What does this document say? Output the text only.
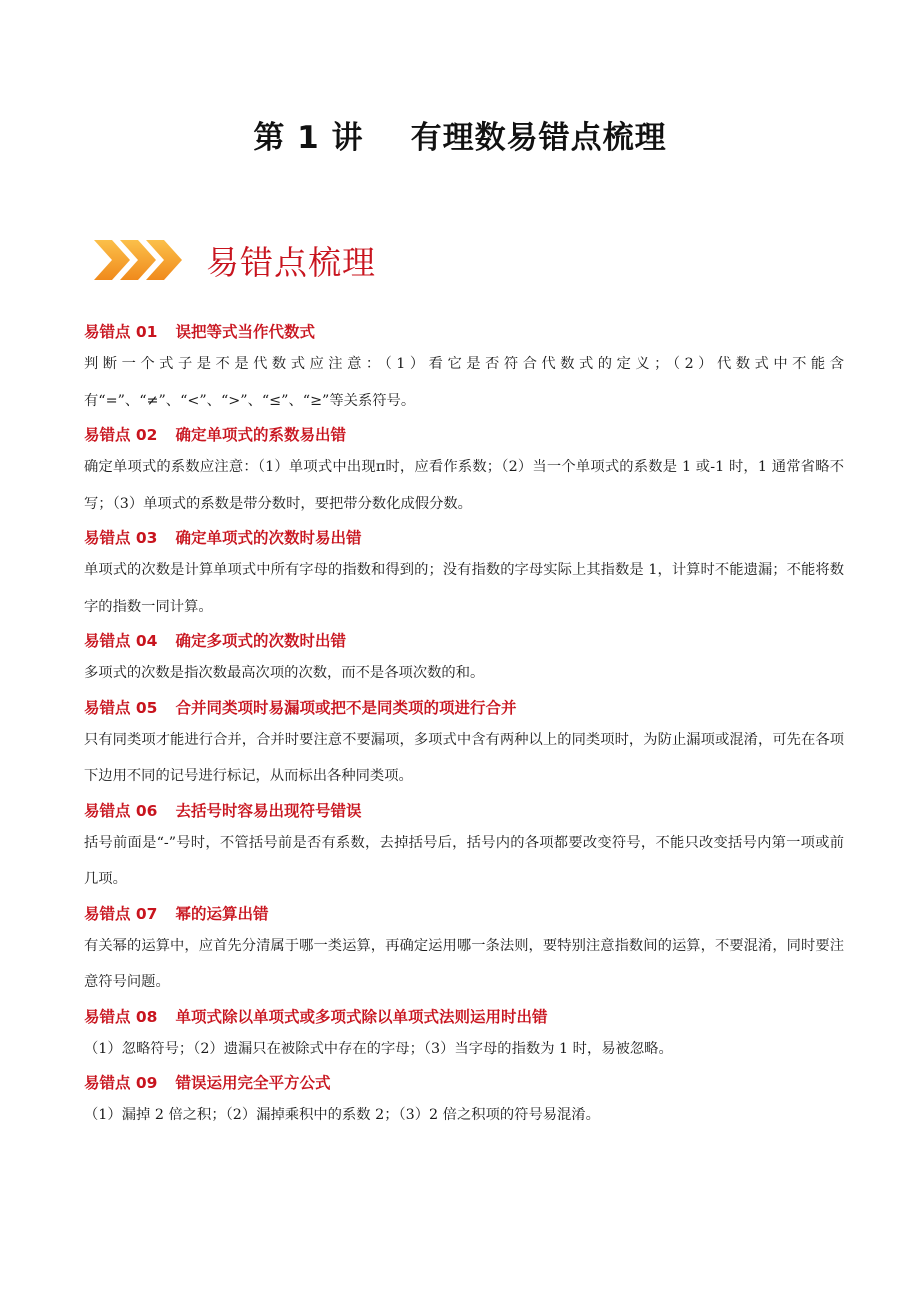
第 1 讲    有理数易错点梳理
易错点梳理
易错点 01 误把等式当作代数式
判断一个式子是不是代数式应注意：（1）看它是否符合代数式的定义；（2）代数式中不能含有“=”、“≠”、“<”、“>”、“≤”、“≥”等关系符号。
易错点 02 确定单项式的系数易出错
确定单项式的系数应注意：（1）单项式中出现π时，应看作系数；（2）当一个单项式的系数是 1 或-1 时，1 通常省略不写；（3）单项式的系数是带分数时，要把带分数化成假分数。
易错点 03 确定单项式的次数时易出错
单项式的次数是计算单项式中所有字母的指数和得到的；没有指数的字母实际上其指数是 1，计算时不能遗漏；不能将数字的指数一同计算。
易错点 04 确定多项式的次数时出错
多项式的次数是指次数最高次项的次数，而不是各项次数的和。
易错点 05 合并同类项时易漏项或把不是同类项的项进行合并
只有同类项才能进行合并，合并时要注意不要漏项，多项式中含有两种以上的同类项时，为防止漏项或混淆，可先在各项下边用不同的记号进行标记，从而标出各种同类项。
易错点 06 去括号时容易出现符号错误
括号前面是“-”号时，不管括号前是否有系数，去掉括号后，括号内的各项都要改变符号，不能只改变括号内第一项或前几项。
易错点 07 幂的运算出错
有关幂的运算中，应首先分清属于哪一类运算，再确定运用哪一条法则，要特别注意指数间的运算，不要混淆，同时要注意符号问题。
易错点 08 单项式除以单项式或多项式除以单项式法则运用时出错
（1）忽略符号；（2）遗漏只在被除式中存在的字母；（3）当字母的指数为 1 时，易被忽略。
易错点 09 错误运用完全平方公式
（1）漏掉 2 倍之积；（2）漏掉乘积中的系数 2；（3）2 倍之积项的符号易混淆。
